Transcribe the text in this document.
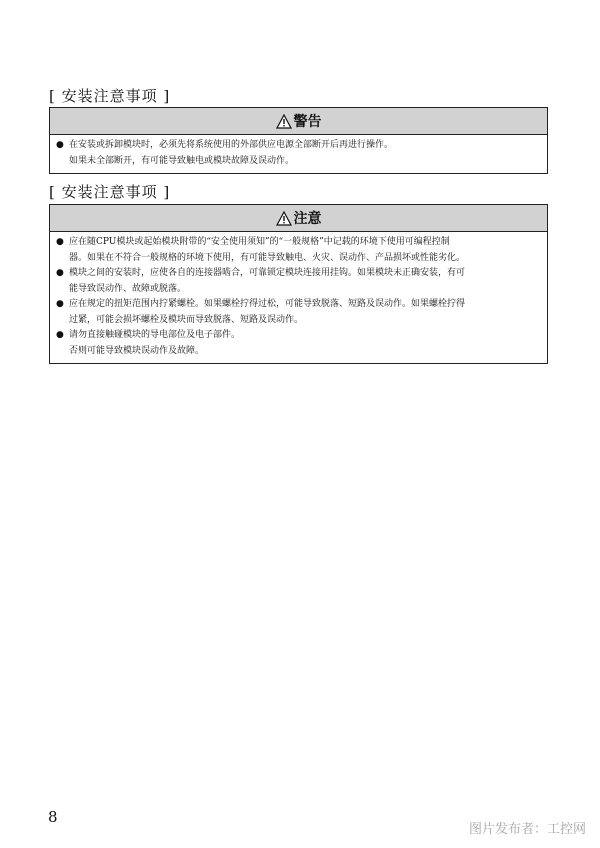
[ 安装注意事项 ]
警告
● 在安装或拆卸模块时，必须先将系统使用的外部供应电源全部断开后再进行操作。
如果未全部断开，有可能导致触电或模块故障及误动作。
[ 安装注意事项 ]
注意
● 应在随CPU模块或起始模块附带的“安全使用须知”的“一般规格”中记载的环境下使用可编程控制
器。如果在不符合一般规格的环境下使用，有可能导致触电、火灾、误动作、产品损坏或性能劣化。
● 模块之间的安装时，应使各自的连接器啮合，可靠锁定模块连接用挂钩。如果模块未正确安装，有可
能导致误动作、故障或脱落。
● 应在规定的扭矩范围内拧紧螺栓。如果螺栓拧得过松，可能导致脱落、短路及误动作。如果螺栓拧得
过紧，可能会损坏螺栓及模块而导致脱落、短路及误动作。
● 请勿直接触碰模块的导电部位及电子部件。
否则可能导致模块误动作及故障。
8
图片发布者：工控网
